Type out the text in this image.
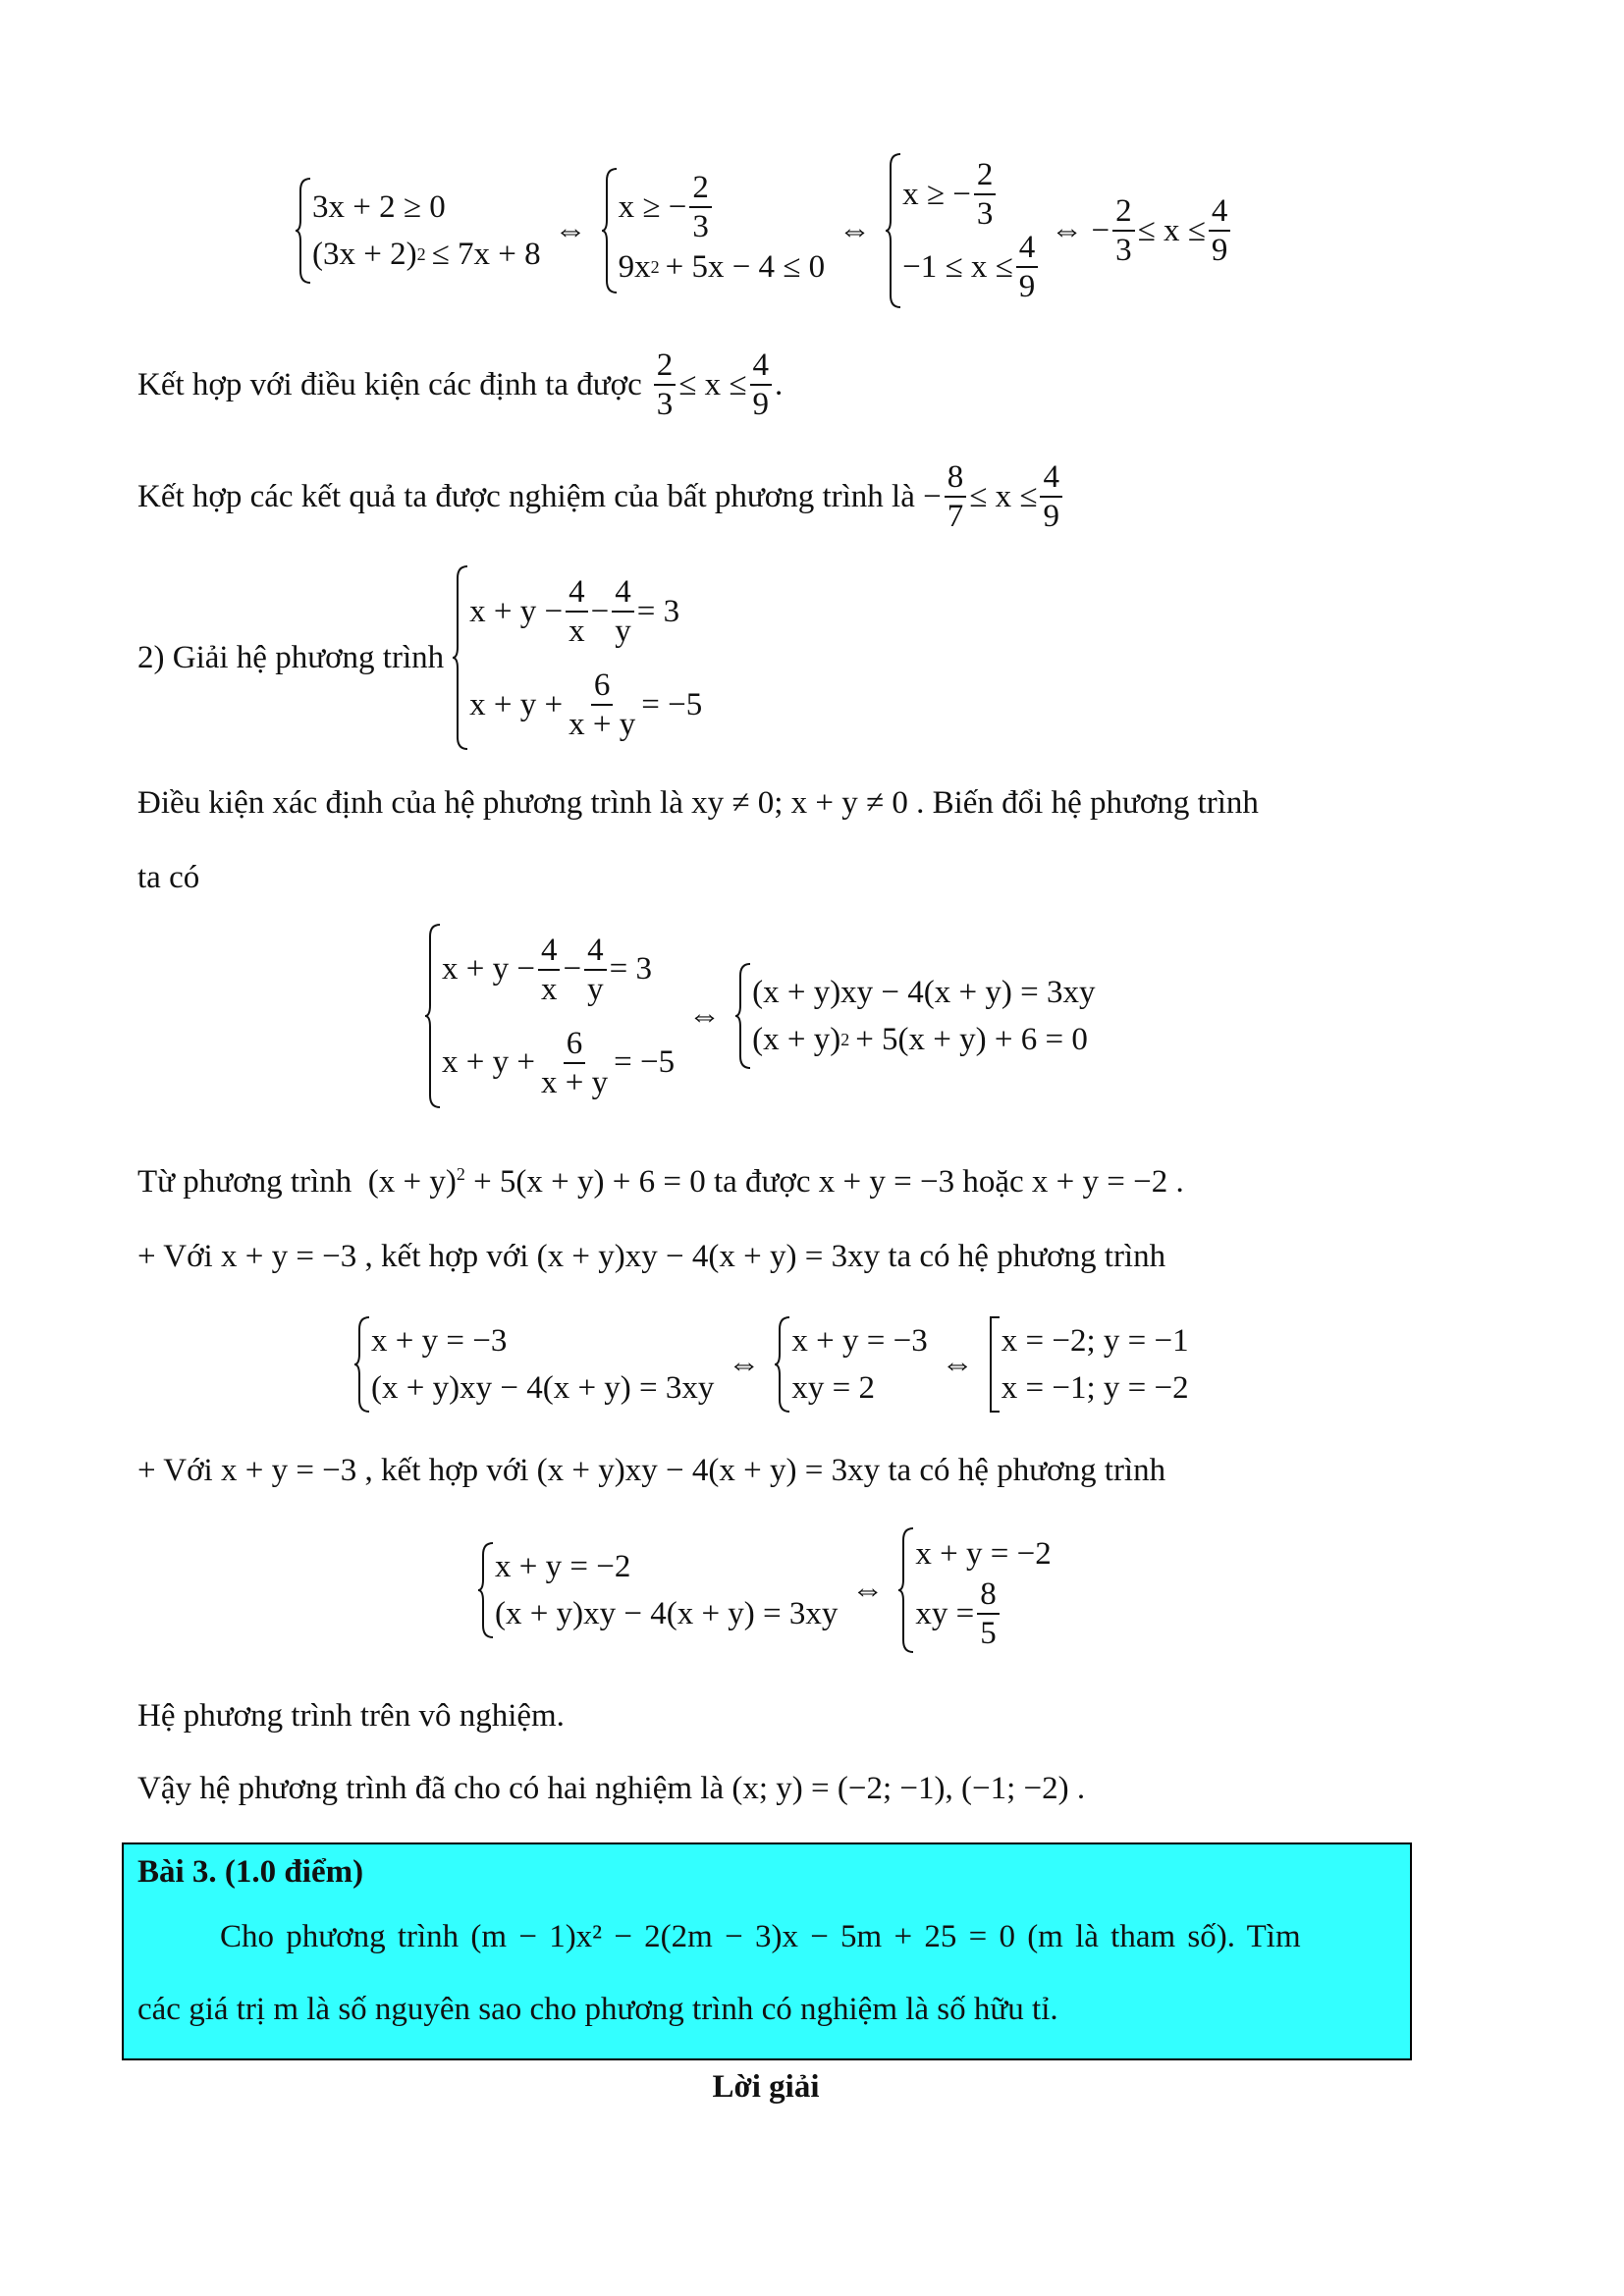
3x + 2 ≥ 0
(3x + 2) 2 ≤ 7x + 8
⇔
x ≥ − $\frac{2}{3}$
9x 2 + 5x − 4 ≤ 0
⇔
x ≥ − $\frac{2}{3}$
$-1 \le x \le \frac{4}{9}$
⇔ − $\frac{2}{3} \le x \le \frac{4}{9}$
Kết hợp với điều kiện các định ta được $\frac{2}{3} \le x \le \frac{4}{9}$ .
Kết hợp các kết quả ta được nghiệm của bất phương trình là − $\frac{8}{7} \le x \le \frac{4}{9}$
2) Giải hệ phương trình
$x + y - \frac{4}{x} - \frac{4}{y} = 3$
$x + y + \frac{6}{x + y} = -5$
Điều kiện xác định của hệ phương trình là xy ≠ 0; x + y ≠ 0 . Biến đổi hệ phương trình
ta có
$x + y - \frac{4}{x} - \frac{4}{y} = 3$
$x + y + \frac{6}{x + y} = -5$
⇔
(x + y)xy − 4(x + y) = 3xy
(x + y) 2 + 5(x + y) + 6 = 0
Từ phương trình $(x + y)^2 + 5(x + y) + 6 = 0$ ta được x + y = −3 hoặc x + y = −2 .
+ Với x + y = −3 , kết hợp với (x + y)xy − 4(x + y) = 3xy ta có hệ phương trình
x + y = −3
(x + y)xy − 4(x + y) = 3xy
⇔
x + y = −3
xy = 2
⇔
x = −2; y = −1
x = −1; y = −2
+ Với x + y = −3 , kết hợp với (x + y)xy − 4(x + y) = 3xy ta có hệ phương trình
x + y = −2
(x + y)xy − 4(x + y) = 3xy
⇔
x + y = −2
xy = $\frac{8}{5}$
Hệ phương trình trên vô nghiệm.
Vậy hệ phương trình đã cho có hai nghiệm là (x; y) = (−2; −1), (−1; −2) .
Bài 3. (1.0 điểm)
Cho phương trình (m − 1)x² − 2(2m − 3)x − 5m + 25 = 0 (m là tham số). Tìm
các giá trị m là số nguyên sao cho phương trình có nghiệm là số hữu tỉ.
Lời giải
